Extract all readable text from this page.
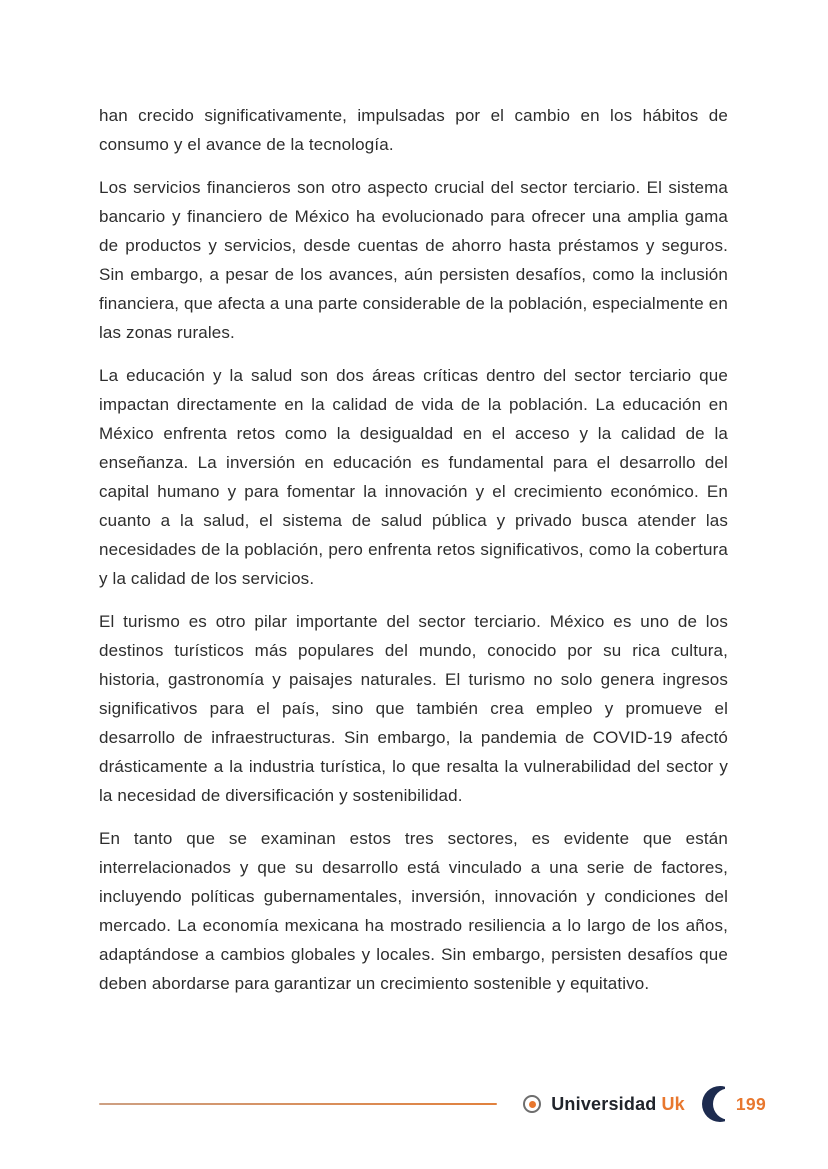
han crecido significativamente, impulsadas por el cambio en los hábitos de consumo y el avance de la tecnología.

Los servicios financieros son otro aspecto crucial del sector terciario. El sistema bancario y financiero de México ha evolucionado para ofrecer una amplia gama de productos y servicios, desde cuentas de ahorro hasta préstamos y seguros. Sin embargo, a pesar de los avances, aún persisten desafíos, como la inclusión financiera, que afecta a una parte considerable de la población, especialmente en las zonas rurales.

La educación y la salud son dos áreas críticas dentro del sector terciario que impactan directamente en la calidad de vida de la población. La educación en México enfrenta retos como la desigualdad en el acceso y la calidad de la enseñanza. La inversión en educación es fundamental para el desarrollo del capital humano y para fomentar la innovación y el crecimiento económico. En cuanto a la salud, el sistema de salud pública y privado busca atender las necesidades de la población, pero enfrenta retos significativos, como la cobertura y la calidad de los servicios.

El turismo es otro pilar importante del sector terciario. México es uno de los destinos turísticos más populares del mundo, conocido por su rica cultura, historia, gastronomía y paisajes naturales. El turismo no solo genera ingresos significativos para el país, sino que también crea empleo y promueve el desarrollo de infraestructuras. Sin embargo, la pandemia de COVID-19 afectó drásticamente a la industria turística, lo que resalta la vulnerabilidad del sector y la necesidad de diversificación y sostenibilidad.

En tanto que se examinan estos tres sectores, es evidente que están interrelacionados y que su desarrollo está vinculado a una serie de factores, incluyendo políticas gubernamentales, inversión, innovación y condiciones del mercado. La economía mexicana ha mostrado resiliencia a lo largo de los años, adaptándose a cambios globales y locales. Sin embargo, persisten desafíos que deben abordarse para garantizar un crecimiento sostenible y equitativo.

Universidad Uk	199
